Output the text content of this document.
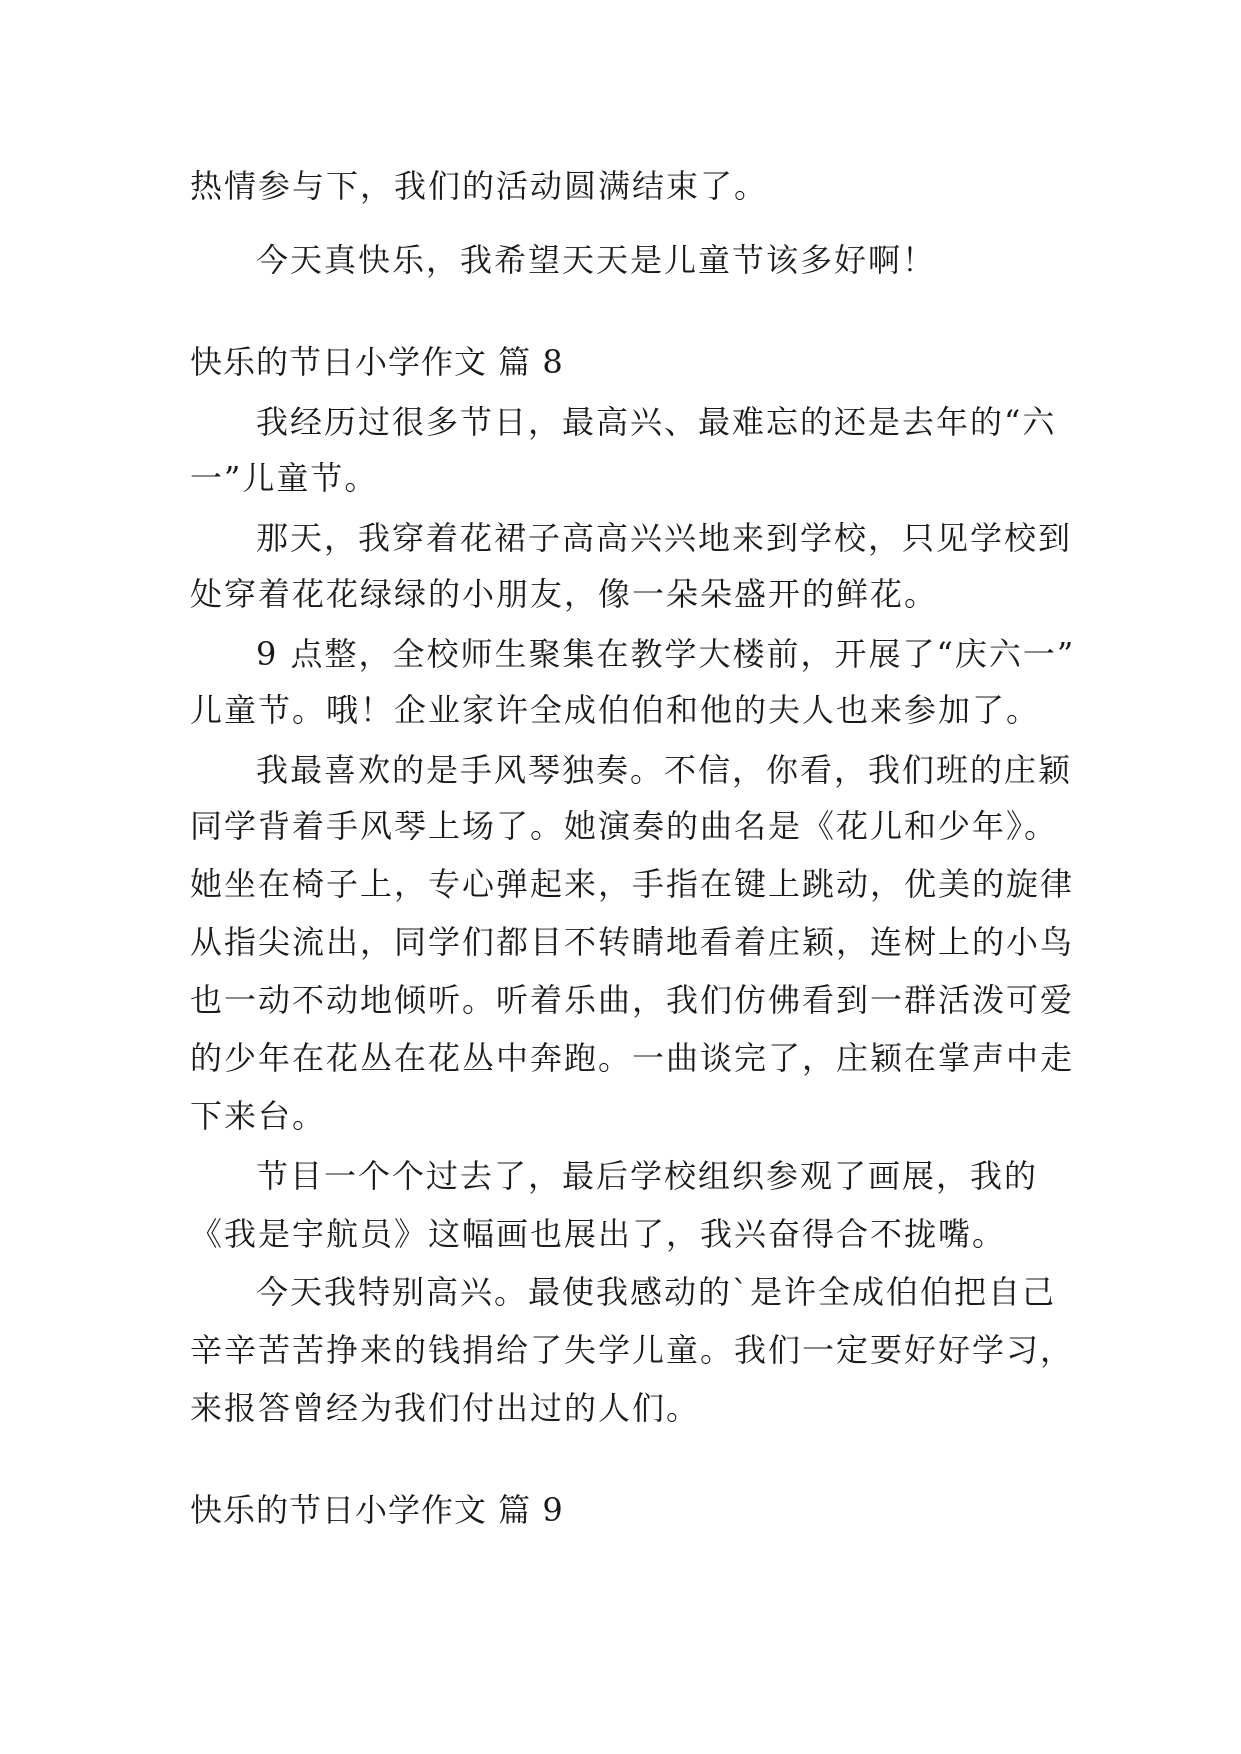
热情参与下，我们的活动圆满结束了。
今天真快乐，我希望天天是儿童节该多好啊！
快乐的节日小学作文 篇 8
我经历过很多节日，最高兴、最难忘的还是去年的“六
一”儿童节。
那天，我穿着花裙子高高兴兴地来到学校，只见学校到
处穿着花花绿绿的小朋友，像一朵朵盛开的鲜花。
9 点整，全校师生聚集在教学大楼前，开展了“庆六一”
儿童节。哦！企业家许全成伯伯和他的夫人也来参加了。
我最喜欢的是手风琴独奏。不信，你看，我们班的庄颖
同学背着手风琴上场了。她演奏的曲名是《花儿和少年》。
她坐在椅子上，专心弹起来，手指在键上跳动，优美的旋律
从指尖流出，同学们都目不转睛地看着庄颖，连树上的小鸟
也一动不动地倾听。听着乐曲，我们仿佛看到一群活泼可爱
的少年在花丛在花丛中奔跑。一曲谈完了，庄颖在掌声中走
下来台。
节目一个个过去了，最后学校组织参观了画展，我的
《我是宇航员》这幅画也展出了，我兴奋得合不拢嘴。
今天我特别高兴。最使我感动的`是许全成伯伯把自己
辛辛苦苦挣来的钱捐给了失学儿童。我们一定要好好学习，
来报答曾经为我们付出过的人们。
快乐的节日小学作文 篇 9
